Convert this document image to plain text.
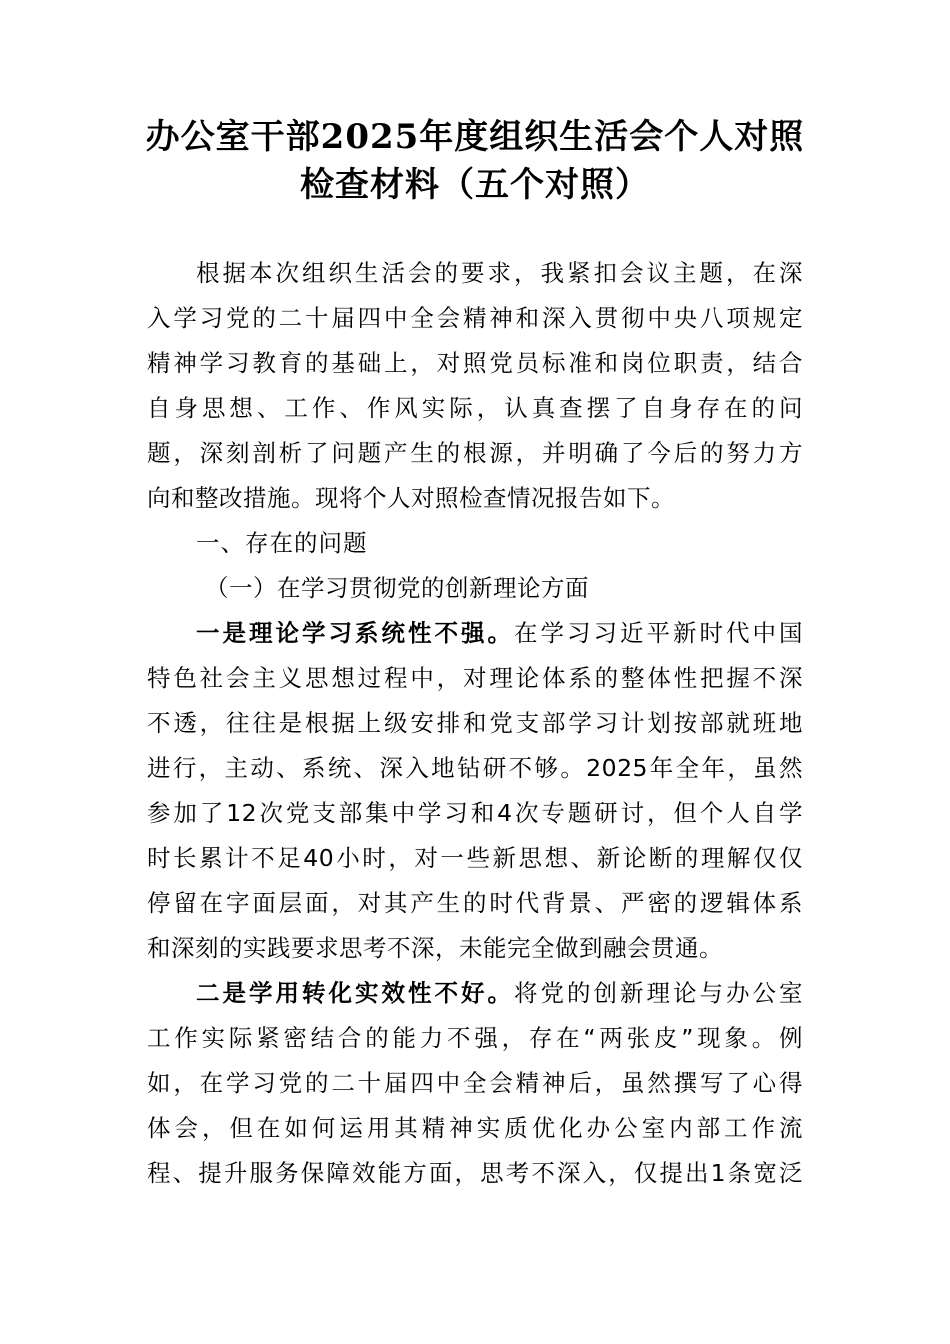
办公室干部2025年度组织生活会个人对照
检查材料（五个对照）
根据本次组织生活会的要求，我紧扣会议主题，在深
入学习党的二十届四中全会精神和深入贯彻中央八项规定
精神学习教育的基础上，对照党员标准和岗位职责，结合
自身思想、工作、作风实际，认真查摆了自身存在的问
题，深刻剖析了问题产生的根源，并明确了今后的努力方
向和整改措施。现将个人对照检查情况报告如下。
一、存在的问题
（一）在学习贯彻党的创新理论方面
一是理论学习系统性不强。在学习习近平新时代中国
特色社会主义思想过程中，对理论体系的整体性把握不深
不透，往往是根据上级安排和党支部学习计划按部就班地
进行，主动、系统、深入地钻研不够。2025年全年，虽然
参加了12次党支部集中学习和4次专题研讨，但个人自学
时长累计不足40小时，对一些新思想、新论断的理解仅仅
停留在字面层面，对其产生的时代背景、严密的逻辑体系
和深刻的实践要求思考不深，未能完全做到融会贯通。
二是学用转化实效性不好。将党的创新理论与办公室
工作实际紧密结合的能力不强，存在“两张皮”现象。例
如，在学习党的二十届四中全会精神后，虽然撰写了心得
体会，但在如何运用其精神实质优化办公室内部工作流
程、提升服务保障效能方面，思考不深入，仅提出1条宽泛
